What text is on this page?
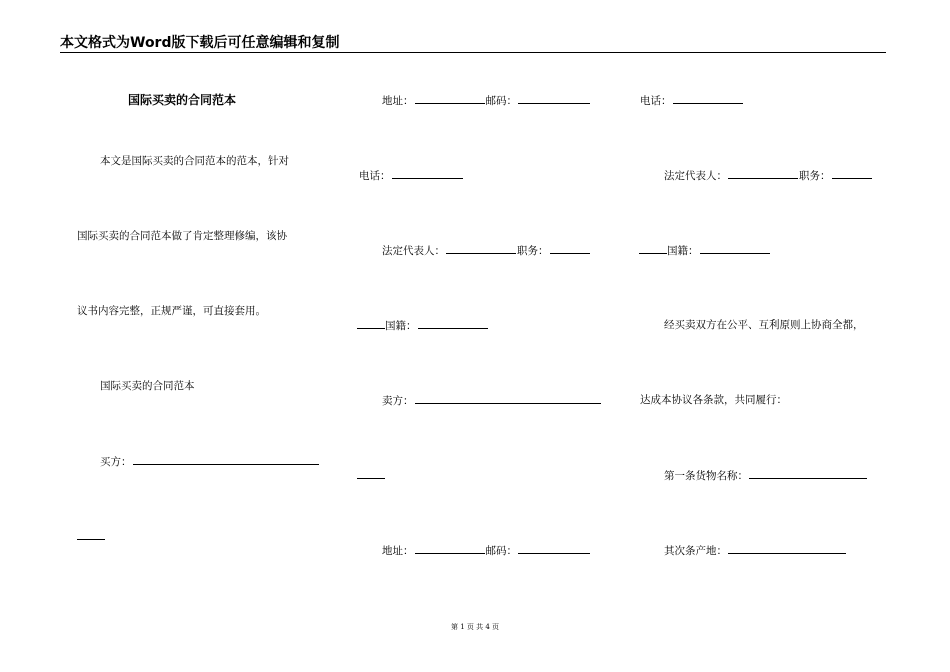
本文格式为Word版下载后可任意编辑和复制
国际买卖的合同范本
本文是国际买卖的合同范本的范本，针对
国际买卖的合同范本做了肯定整理修编，该协
议书内容完整，正规严谨，可直接套用。
国际买卖的合同范本
买方：
地址：	邮码：
电话：
法定代表人：	职务：
国籍：
卖方：
地址：	邮码：
电话：
法定代表人：	职务：
国籍：
经买卖双方在公平、互利原则上协商全都，
达成本协议各条款，共同履行：
第一条货物名称：
其次条产地：
第 1 页 共 4 页
